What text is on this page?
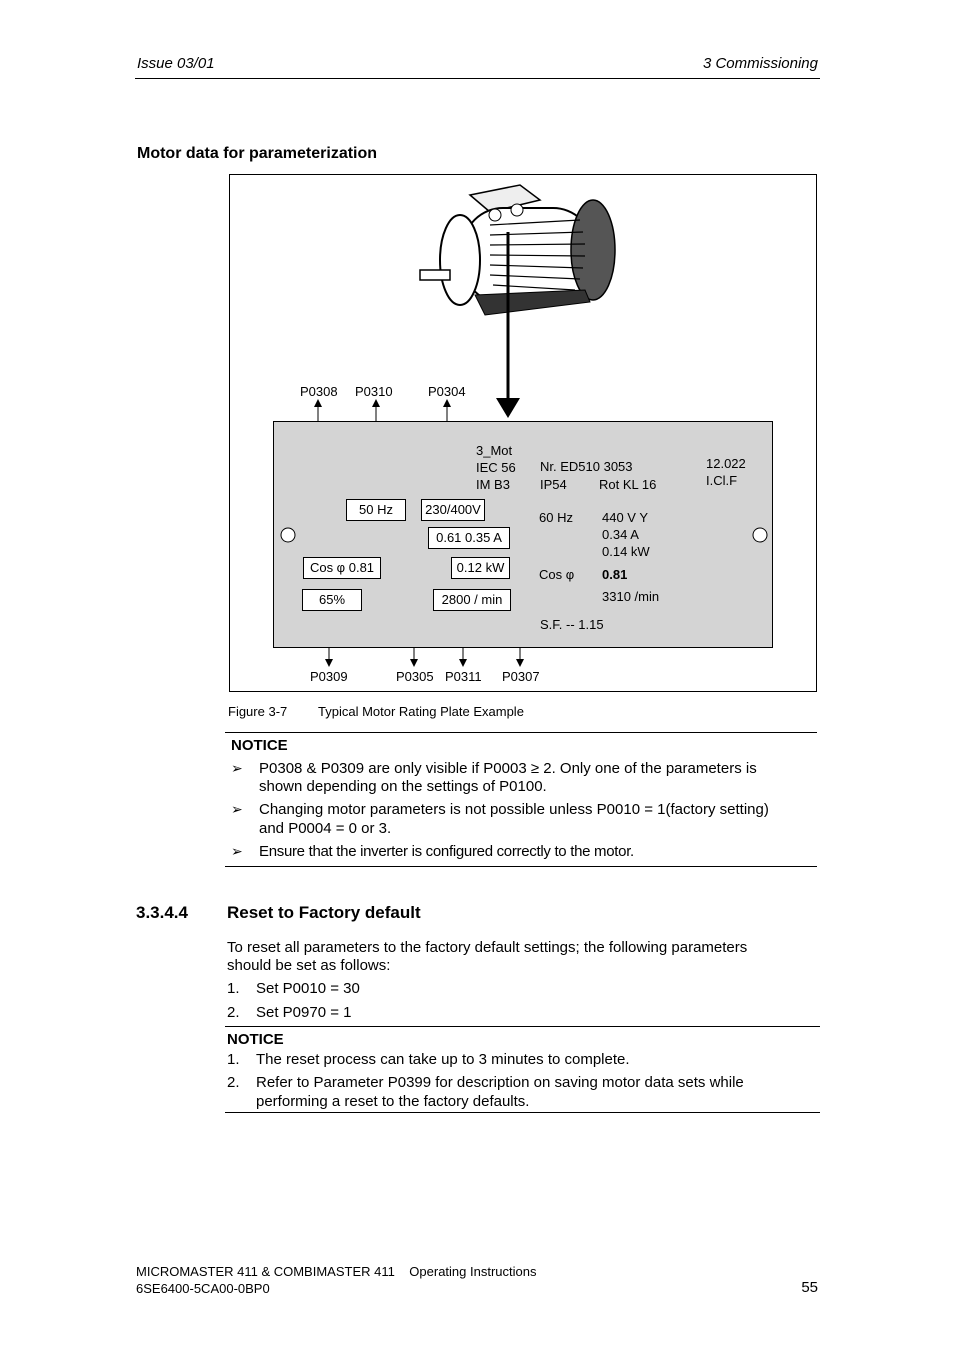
Issue 03/01	3 Commissioning
Motor data for parameterization
P0308 P0310	P0304
3_Mot
IEC 56
IM B3
Nr. ED510 3053
IP54 Rot KL 16
12.022
I.Cl.F
60 Hz 440 V Y
0.34 A
0.14 kW
Cos φ 0.81
3310 /min
S.F. -- 1.15
50 Hz	230/400V
0.61 0.35 A
Cos φ 0.81	0.12 kW
65%	2800 / min
P0309	P0305 P0311 P0307
Figure 3-7 Typical Motor Rating Plate Example
NOTICE
➢ P0308 & P0309 are only visible if P0003 ≥ 2. Only one of the parameters is
shown depending on the settings of P0100.
➢ Changing motor parameters is not possible unless P0010 = 1(factory setting)
and P0004 = 0 or 3.
➢ Ensure that the inverter is configured correctly to the motor.
3.3.4.4 Reset to Factory default
To reset all parameters to the factory default settings; the following parameters
should be set as follows:
1. Set P0010 = 30
2. Set P0970 = 1
NOTICE
1. The reset process can take up to 3 minutes to complete.
2. Refer to Parameter P0399 for description on saving motor data sets while
performing a reset to the factory defaults.
MICROMASTER 411 & COMBIMASTER 411    Operating Instructions
6SE6400-5CA00-0BP0	55
